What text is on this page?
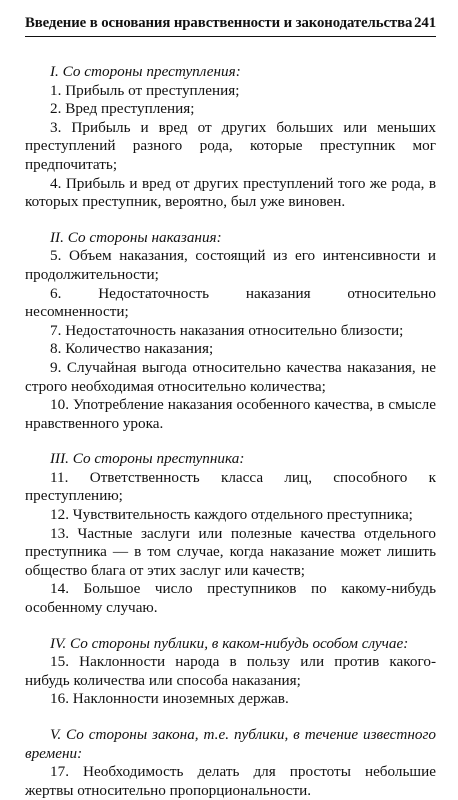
Введение в основания нравственности и законодательства 241

I. Со стороны преступления:

1. Прибыль от преступления;

2. Вред преступления;

3. Прибыль и вред от других больших или меньших преступлений разного рода, которые преступник мог предпочитать;

4. Прибыль и вред от других преступлений того же рода, в которых преступник, вероятно, был уже виновен.

II. Со стороны наказания:

5. Объем наказания, состоящий из его интенсивности и продолжительности;

6. Недостаточность наказания относительно несомненности;

7. Недостаточность наказания относительно близости;

8. Количество наказания;

9. Случайная выгода относительно качества наказания, не строго необходимая относительно количества;

10. Употребление наказания особенного качества, в смысле нравственного урока.

III. Со стороны преступника:

11. Ответственность класса лиц, способного к преступлению;

12. Чувствительность каждого отдельного преступника;

13. Частные заслуги или полезные качества отдельного преступника — в том случае, когда наказание может лишить общество блага от этих заслуг или качеств;

14. Большое число преступников по какому-нибудь особенному случаю.

IV. Со стороны публики, в каком-нибудь особом случае:

15. Наклонности народа в пользу или против какого-нибудь количества или способа наказания;

16. Наклонности иноземных держав.

V. Со стороны закона, т.е. публики, в течение известного времени:

17. Необходимость делать для простоты небольшие жертвы относительно пропорциональности.
